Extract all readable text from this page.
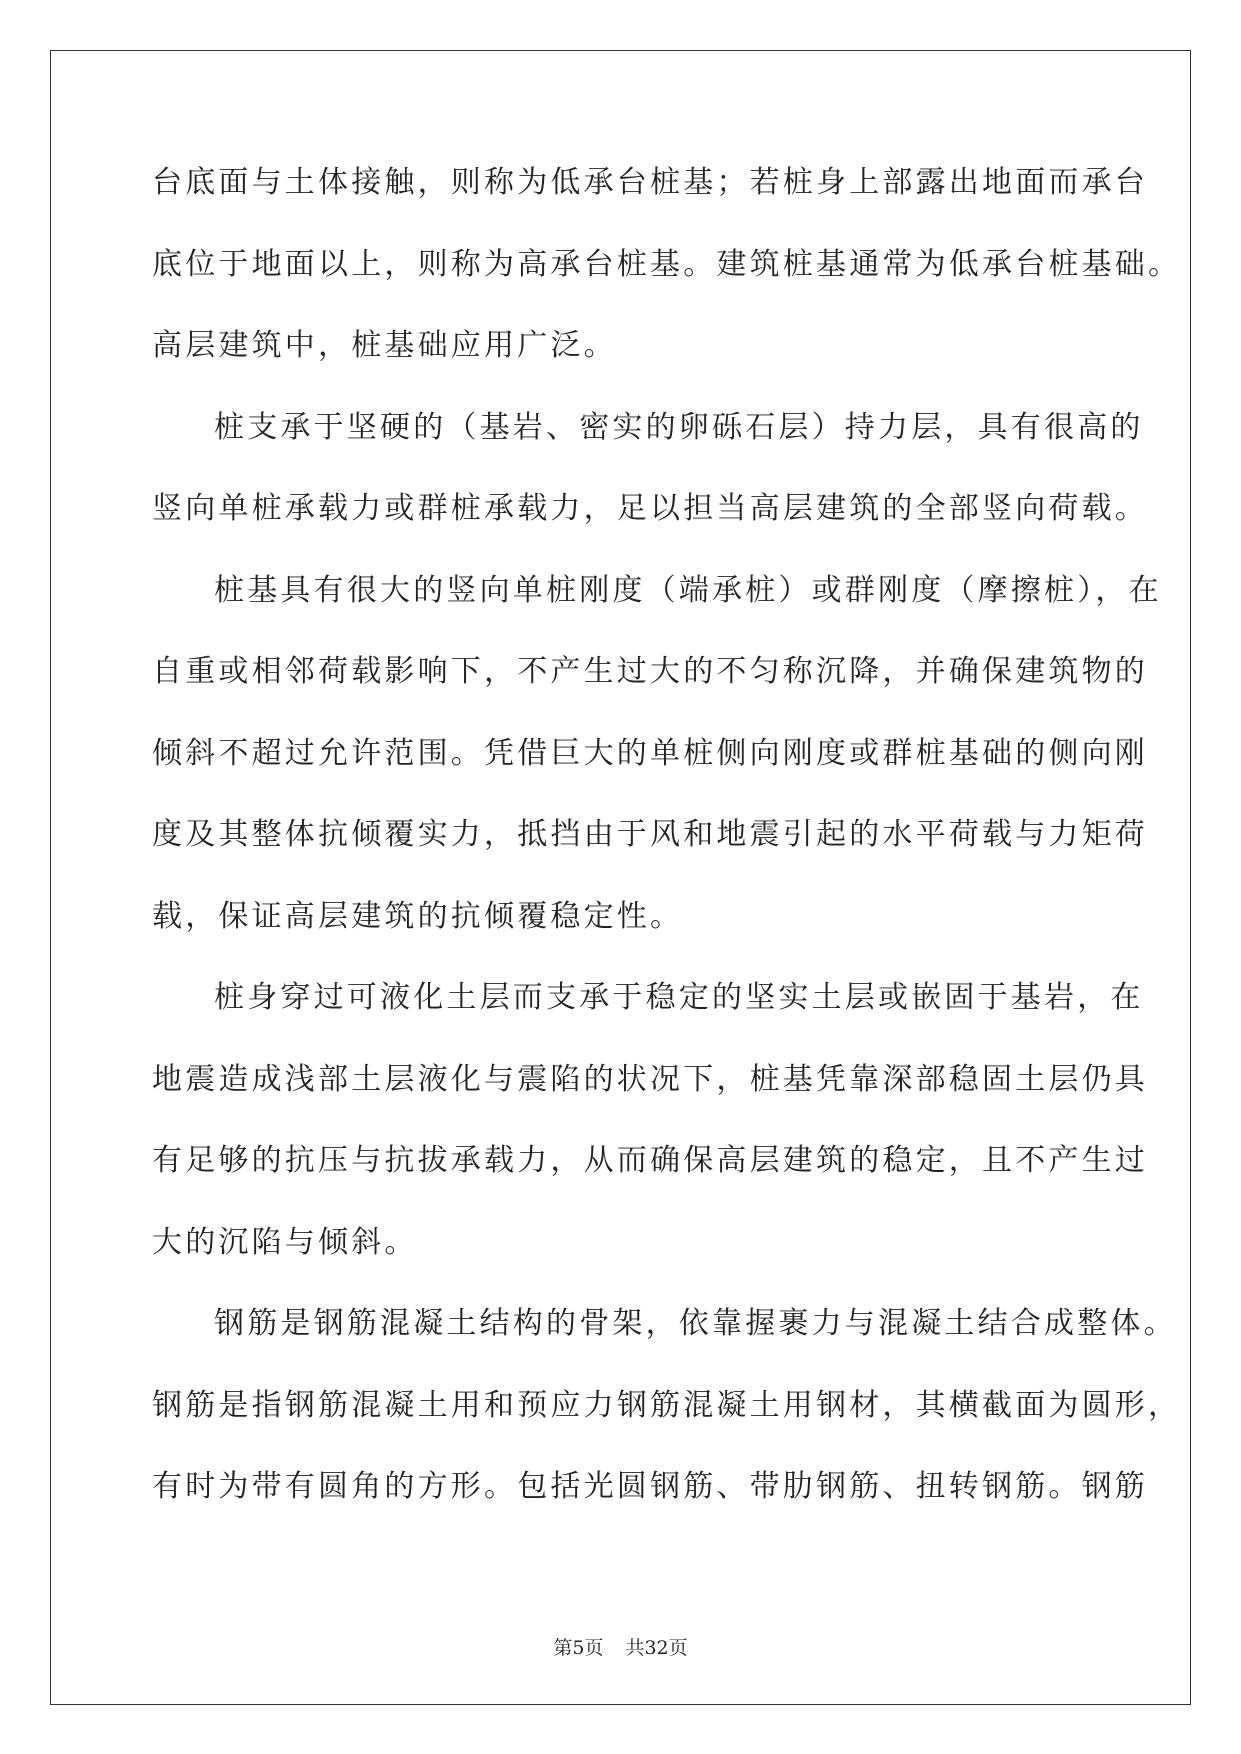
台底面与土体接触，则称为低承台桩基；若桩身上部露出地面而承台
底位于地面以上，则称为高承台桩基。建筑桩基通常为低承台桩基础。
高层建筑中，桩基础应用广泛。
桩支承于坚硬的（基岩、密实的卵砾石层）持力层，具有很高的
竖向单桩承载力或群桩承载力，足以担当高层建筑的全部竖向荷载。
桩基具有很大的竖向单桩刚度（端承桩）或群刚度（摩擦桩），在
自重或相邻荷载影响下，不产生过大的不匀称沉降，并确保建筑物的
倾斜不超过允许范围。凭借巨大的单桩侧向刚度或群桩基础的侧向刚
度及其整体抗倾覆实力，抵挡由于风和地震引起的水平荷载与力矩荷
载，保证高层建筑的抗倾覆稳定性。
桩身穿过可液化土层而支承于稳定的坚实土层或嵌固于基岩，在
地震造成浅部土层液化与震陷的状况下，桩基凭靠深部稳固土层仍具
有足够的抗压与抗拔承载力，从而确保高层建筑的稳定，且不产生过
大的沉陷与倾斜。
钢筋是钢筋混凝土结构的骨架，依靠握裹力与混凝土结合成整体。
钢筋是指钢筋混凝土用和预应力钢筋混凝土用钢材，其横截面为圆形，
有时为带有圆角的方形。包括光圆钢筋、带肋钢筋、扭转钢筋。钢筋
第5页 共32页
